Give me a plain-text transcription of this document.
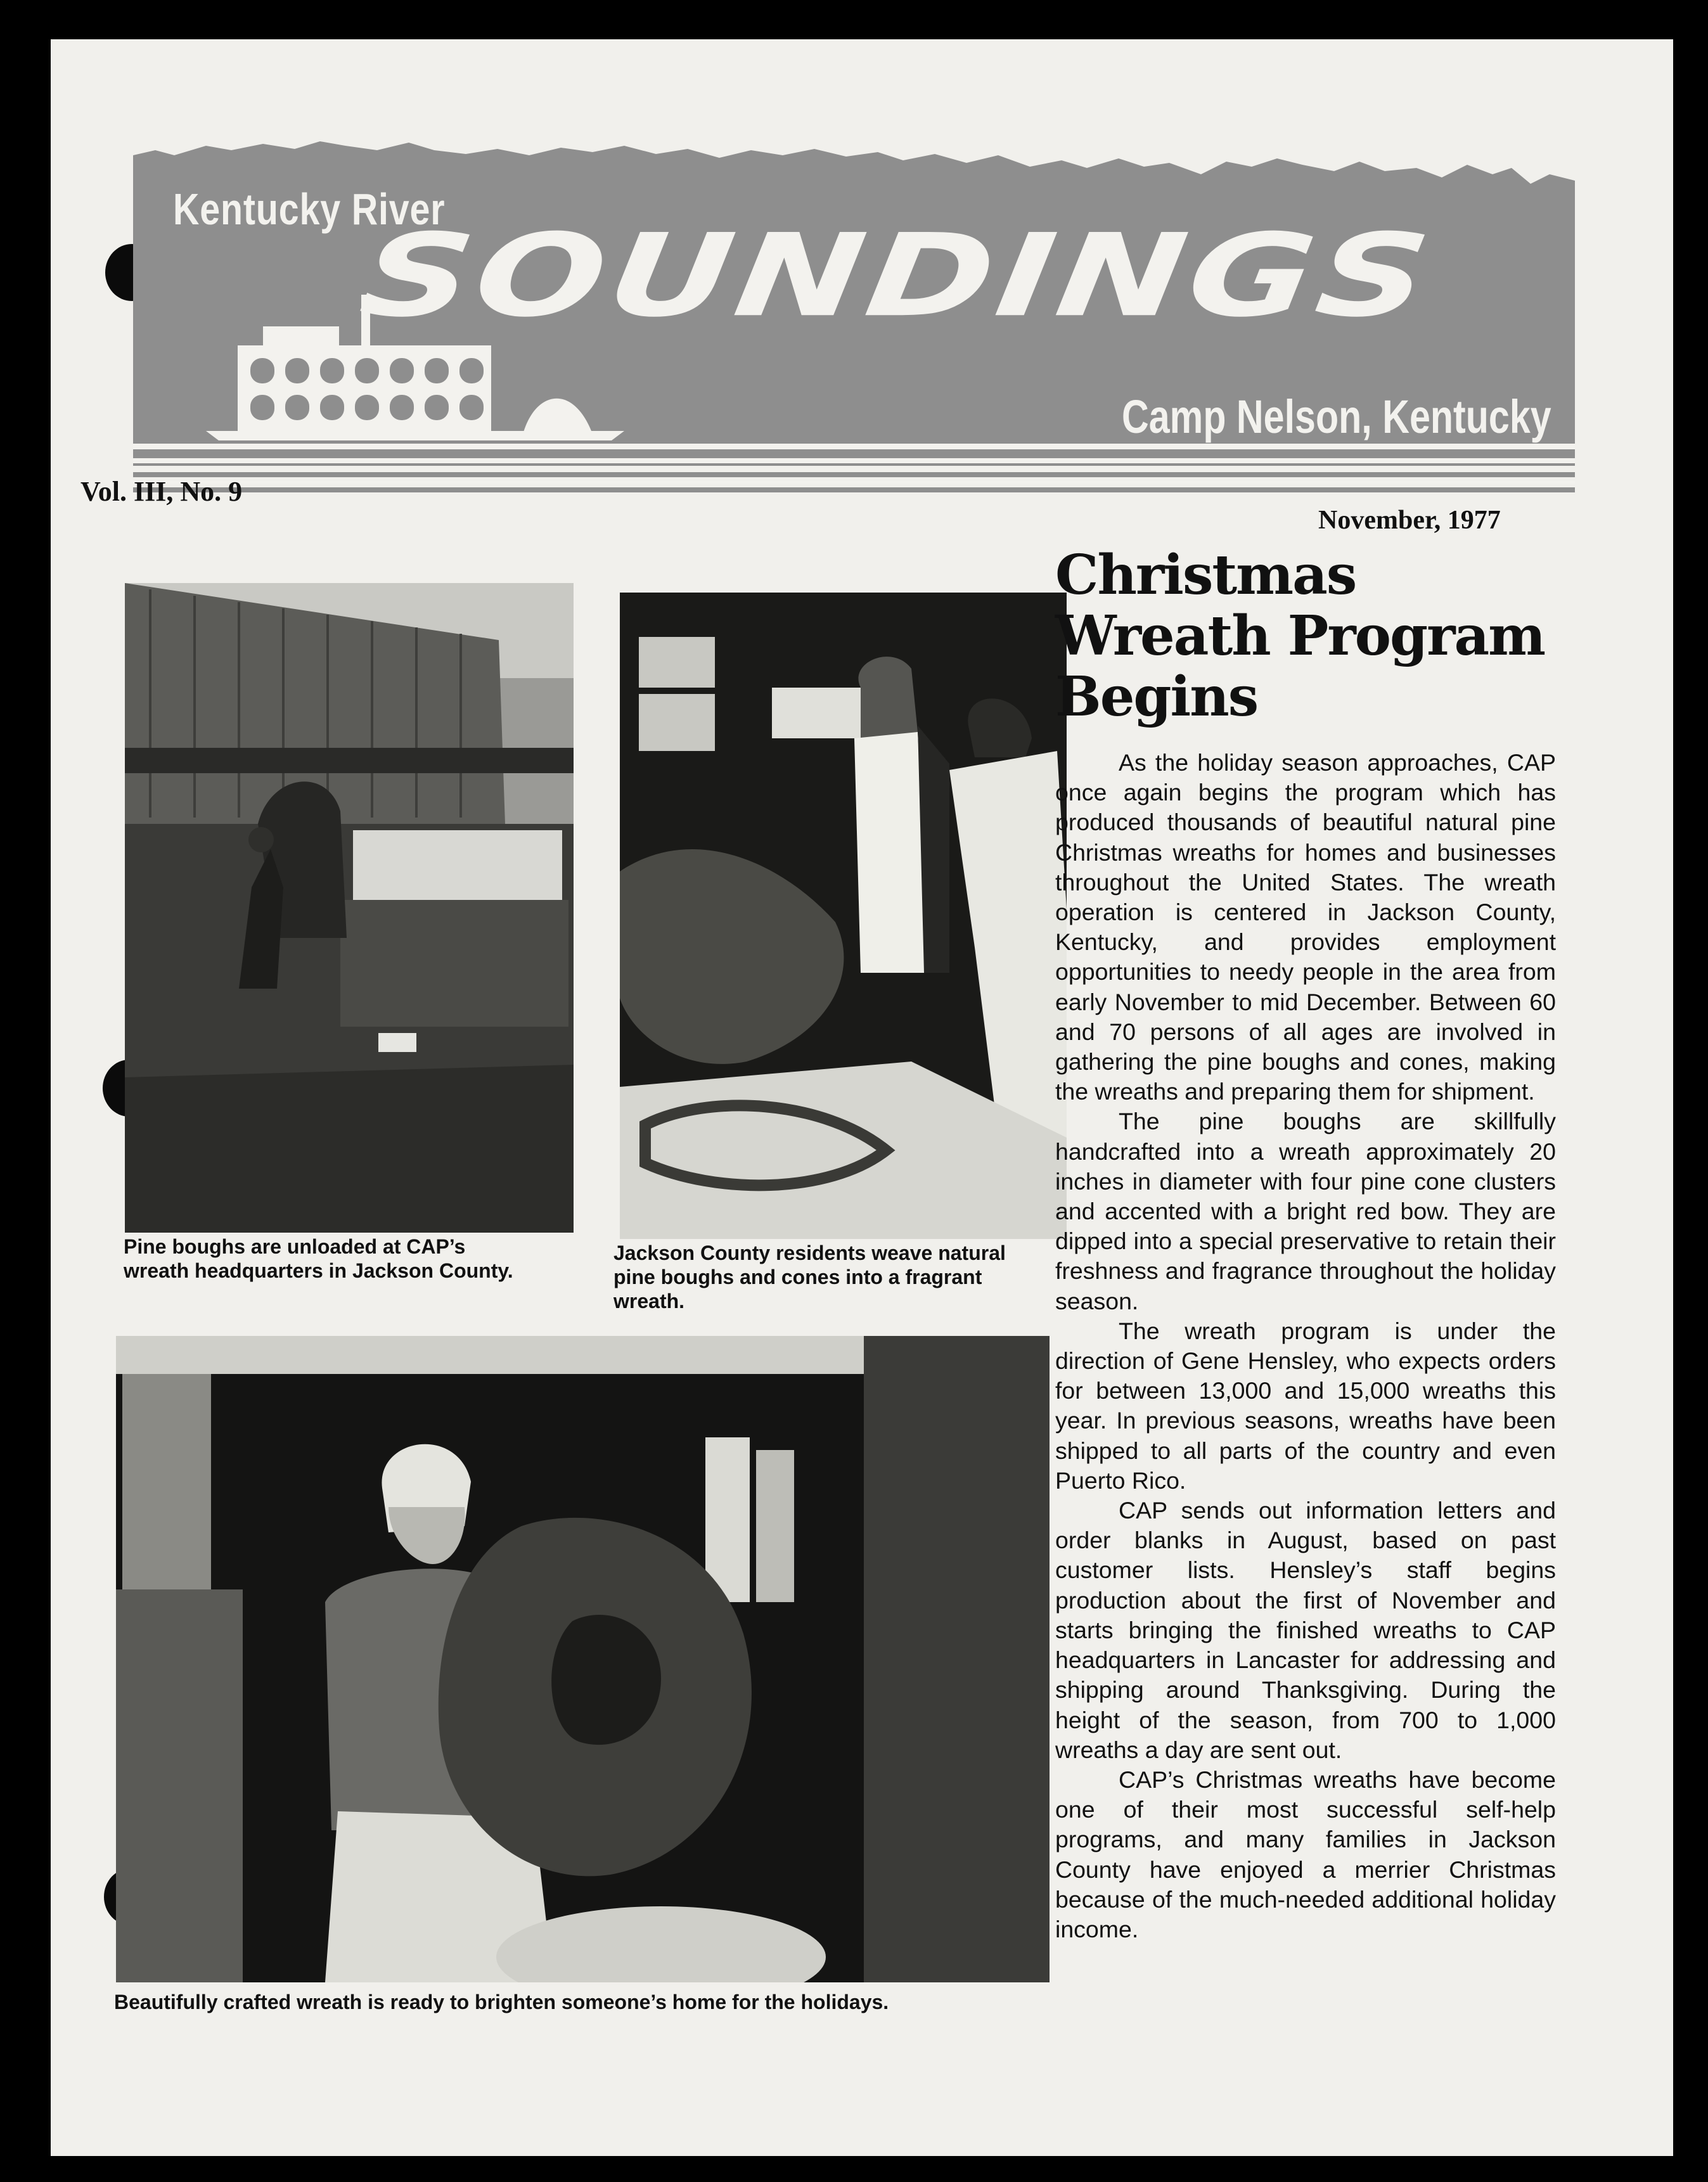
Kentucky River
SOUNDINGS
Camp Nelson, Kentucky
Vol. III, No. 9
November, 1977
Pine boughs are unloaded at CAP’s wreath headquarters in Jackson County.
Jackson County residents weave natural pine boughs and cones into a fragrant wreath.
Beautifully crafted wreath is ready to brighten someone’s home for the holidays.
Christmas Wreath Program Begins

As the holiday season approaches, CAP once again begins the program which has produced thousands of beautiful natural pine Christmas wreaths for homes and businesses throughout the United States. The wreath operation is centered in Jackson County, Kentucky, and provides employment opportunities to needy people in the area from early November to mid December. Between 60 and 70 persons of all ages are involved in gathering the pine boughs and cones, making the wreaths and preparing them for shipment.

The pine boughs are skillfully handcrafted into a wreath approximately 20 inches in diameter with four pine cone clusters and accented with a bright red bow. They are dipped into a special preservative to retain their freshness and fragrance throughout the holiday season.

The wreath program is under the direction of Gene Hensley, who expects orders for between 13,000 and 15,000 wreaths this year. In previous seasons, wreaths have been shipped to all parts of the country and even Puerto Rico.

CAP sends out information letters and order blanks in August, based on past customer lists. Hensley’s staff begins production about the first of November and starts bringing the finished wreaths to CAP headquarters in Lancaster for addressing and shipping around Thanksgiving. During the height of the season, from 700 to 1,000 wreaths a day are sent out.

CAP’s Christmas wreaths have become one of their most successful self-help programs, and many families in Jackson County have enjoyed a merrier Christmas because of the much-needed additional holiday income.
